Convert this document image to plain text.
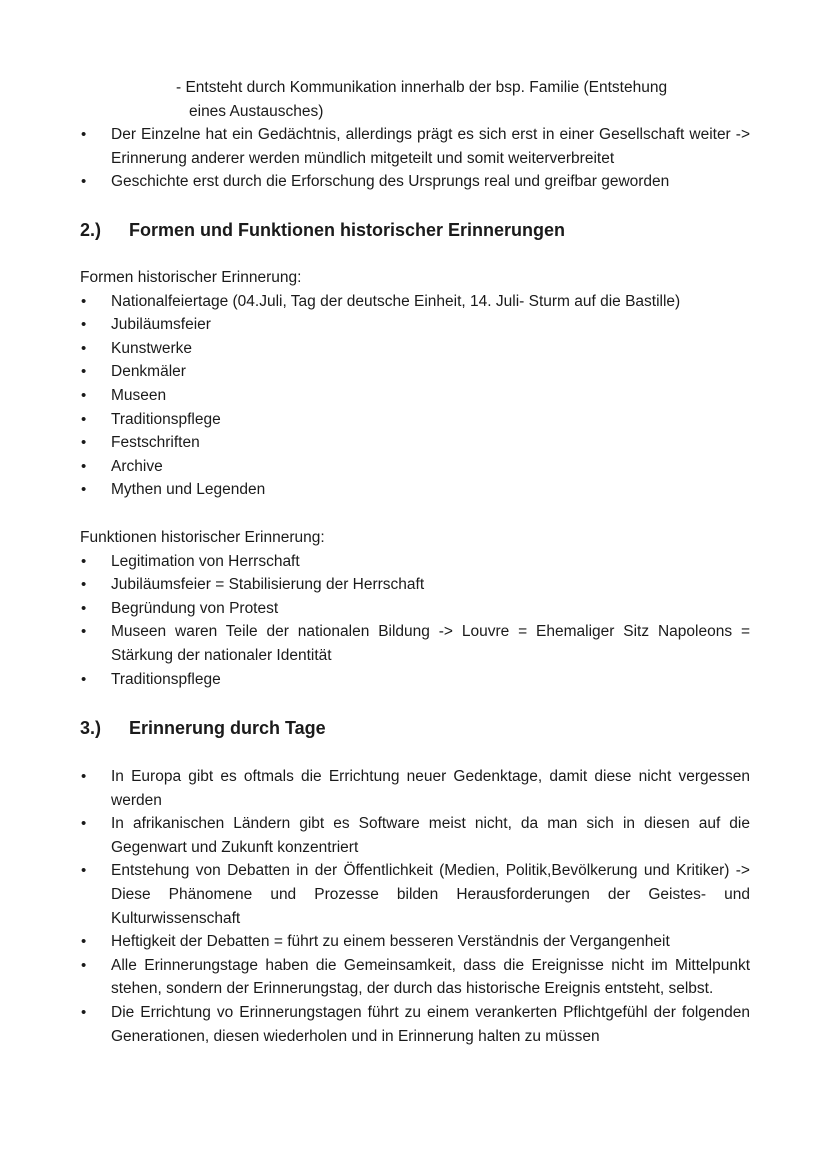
- Entsteht durch Kommunikation innerhalb der bsp. Familie (Entstehung
eines Austausches)
• Der Einzelne hat ein Gedächtnis, allerdings prägt es sich erst in einer Gesellschaft weiter -> Erinnerung anderer werden mündlich mitgeteilt und somit weiterverbreitet
• Geschichte erst durch die Erforschung des Ursprungs real und greifbar geworden
2.) Formen und Funktionen historischer Erinnerungen
Formen historischer Erinnerung:
• Nationalfeiertage (04.Juli, Tag der deutsche Einheit, 14. Juli- Sturm auf die Bastille)
• Jubiläumsfeier
• Kunstwerke
• Denkmäler
• Museen
• Traditionspflege
• Festschriften
• Archive
• Mythen und Legenden
Funktionen historischer Erinnerung:
• Legitimation von Herrschaft
• Jubiläumsfeier = Stabilisierung der Herrschaft
• Begründung von Protest
• Museen waren Teile der nationalen Bildung -> Louvre = Ehemaliger Sitz Napoleons = Stärkung der nationaler Identität
• Traditionspflege
3.) Erinnerung durch Tage
• In Europa gibt es oftmals die Errichtung neuer Gedenktage, damit diese nicht vergessen werden
• In afrikanischen Ländern gibt es Software meist nicht, da man sich in diesen auf die Gegenwart und Zukunft konzentriert
• Entstehung von Debatten in der Öffentlichkeit (Medien, Politik,Bevölkerung und Kritiker) -> Diese Phänomene und Prozesse bilden Herausforderungen der Geistes- und Kulturwissenschaft
• Heftigkeit der Debatten = führt zu einem besseren Verständnis der Vergangenheit
• Alle Erinnerungstage haben die Gemeinsamkeit, dass die Ereignisse nicht im Mittelpunkt stehen, sondern der Erinnerungstag, der durch das historische Ereignis entsteht, selbst.
• Die Errichtung vo Erinnerungstagen führt zu einem verankerten Pflichtgefühl der folgenden Generationen, diesen wiederholen und in Erinnerung halten zu müssen
